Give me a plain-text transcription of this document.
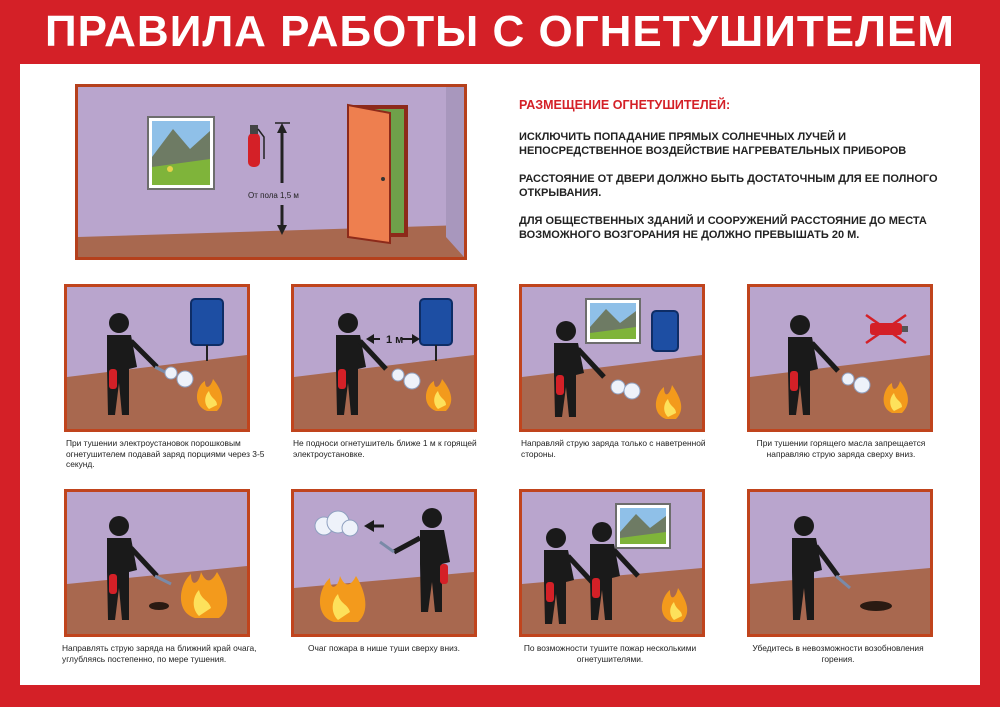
ПРАВИЛА РАБОТЫ С ОГНЕТУШИТЕЛЕМ
От пола 1,5 м
РАЗМЕЩЕНИЕ ОГНЕТУШИТЕЛЕЙ:
ИСКЛЮЧИТЬ ПОПАДАНИЕ ПРЯМЫХ СОЛНЕЧНЫХ ЛУЧЕЙ И НЕПОСРЕДСТВЕННОЕ ВОЗДЕЙСТВИЕ НАГРЕВАТЕЛЬНЫХ ПРИБОРОВ
РАССТОЯНИЕ ОТ ДВЕРИ ДОЛЖНО БЫТЬ ДОСТАТОЧНЫМ ДЛЯ ЕЕ ПОЛНОГО ОТКРЫВАНИЯ.
ДЛЯ ОБЩЕСТВЕННЫХ ЗДАНИЙ И СООРУЖЕНИЙ РАССТОЯНИЕ ДО МЕСТА ВОЗМОЖНОГО ВОЗГОРАНИЯ НЕ ДОЛЖНО ПРЕВЫШАТЬ 20 М.
При тушении электроустановок порошковым огнетушителем подавай заряд порциями через 3-5 секунд.
1 м
Не подноси огнетушитель ближе 1 м к горящей электроустановке.
Направляй струю заряда только с наветренной стороны.
При тушении горящего масла запрещается направляю струю заряда сверху вниз.
Направлять струю заряда на ближний край очага, углубляясь постепенно, по мере тушения.
Очаг пожара в нише туши сверху вниз.	По возможности тушите пожар несколькими огнетушителями.
Убедитесь в невозможности возобновления горения.
